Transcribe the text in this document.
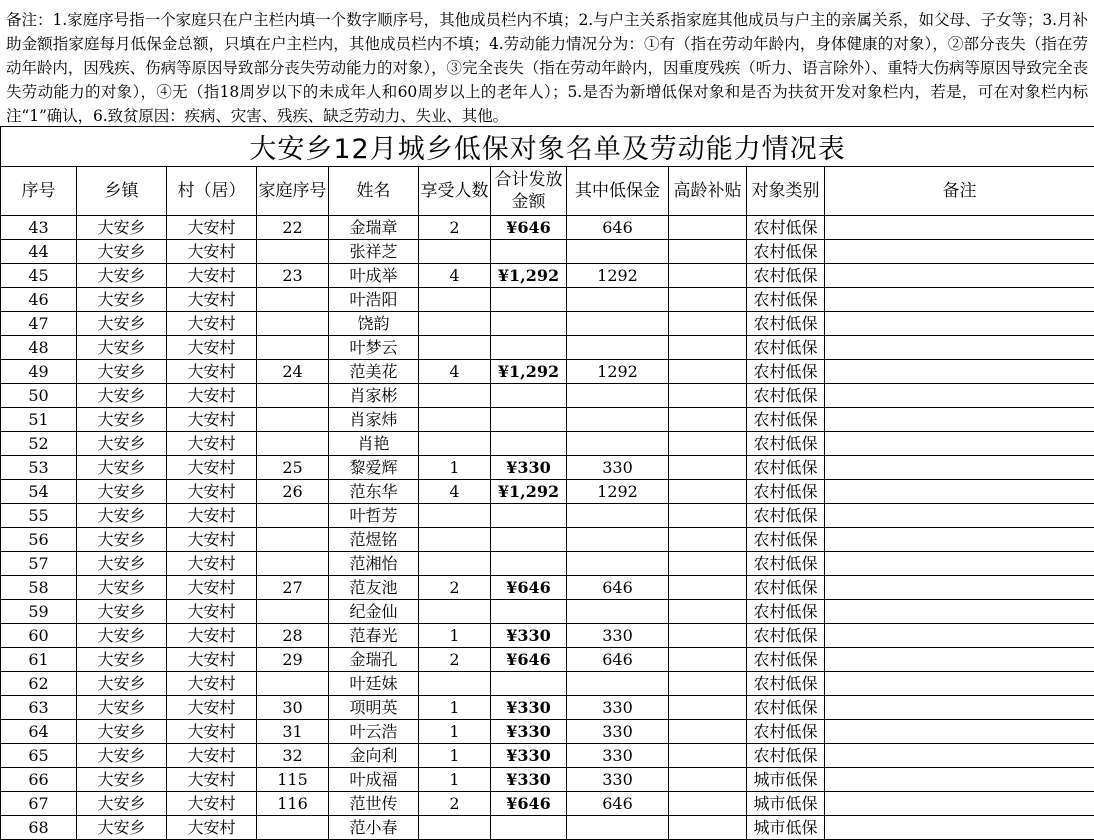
备注：1.家庭序号指一个家庭只在户主栏内填一个数字顺序号，其他成员栏内不填；2.与户主关系指家庭其他成员与户主的亲属关系，如父母、子女等；3.月补助金额指家庭每月低保金总额，只填在户主栏内，其他成员栏内不填；4.劳动能力情况分为：①有（指在劳动年龄内，身体健康的对象），②部分丧失（指在劳动年龄内，因残疾、伤病等原因导致部分丧失劳动能力的对象），③完全丧失（指在劳动年龄内，因重度残疾（听力、语言除外）、重特大伤病等原因导致完全丧失劳动能力的对象），④无（指18周岁以下的未成年人和60周岁以上的老年人）；5.是否为新增低保对象和是否为扶贫开发对象栏内，若是，可在对象栏内标注“1”确认，6.致贫原因：疾病、灾害、残疾、缺乏劳动力、失业、其他。
大安乡12月城乡低保对象名单及劳动能力情况表										
序号	乡镇	村（居）	家庭序号	姓名	享受人数	合计发放金额	其中低保金	高龄补贴	对象类别	备注
43	大安乡	大安村	22	金瑞章	2	¥646	646		农村低保	
44	大安乡	大安村		张祥芝					农村低保	
45	大安乡	大安村	23	叶成举	4	¥1,292	1292		农村低保	
46	大安乡	大安村		叶浩阳					农村低保	
47	大安乡	大安村		饶韵					农村低保	
48	大安乡	大安村		叶梦云					农村低保	
49	大安乡	大安村	24	范美花	4	¥1,292	1292		农村低保	
50	大安乡	大安村		肖家彬					农村低保	
51	大安乡	大安村		肖家炜					农村低保	
52	大安乡	大安村		肖艳					农村低保	
53	大安乡	大安村	25	黎爱辉	1	¥330	330		农村低保	
54	大安乡	大安村	26	范东华	4	¥1,292	1292		农村低保	
55	大安乡	大安村		叶哲芳					农村低保	
56	大安乡	大安村		范煜铭					农村低保	
57	大安乡	大安村		范湘怡					农村低保	
58	大安乡	大安村	27	范友池	2	¥646	646		农村低保	
59	大安乡	大安村		纪金仙					农村低保	
60	大安乡	大安村	28	范春光	1	¥330	330		农村低保	
61	大安乡	大安村	29	金瑞孔	2	¥646	646		农村低保	
62	大安乡	大安村		叶廷妹					农村低保	
63	大安乡	大安村	30	项明英	1	¥330	330		农村低保	
64	大安乡	大安村	31	叶云浩	1	¥330	330		农村低保	
65	大安乡	大安村	32	金向利	1	¥330	330		农村低保	
66	大安乡	大安村	115	叶成福	1	¥330	330		城市低保	
67	大安乡	大安村	116	范世传	2	¥646	646		城市低保	
68	大安乡	大安村		范小春					城市低保	
